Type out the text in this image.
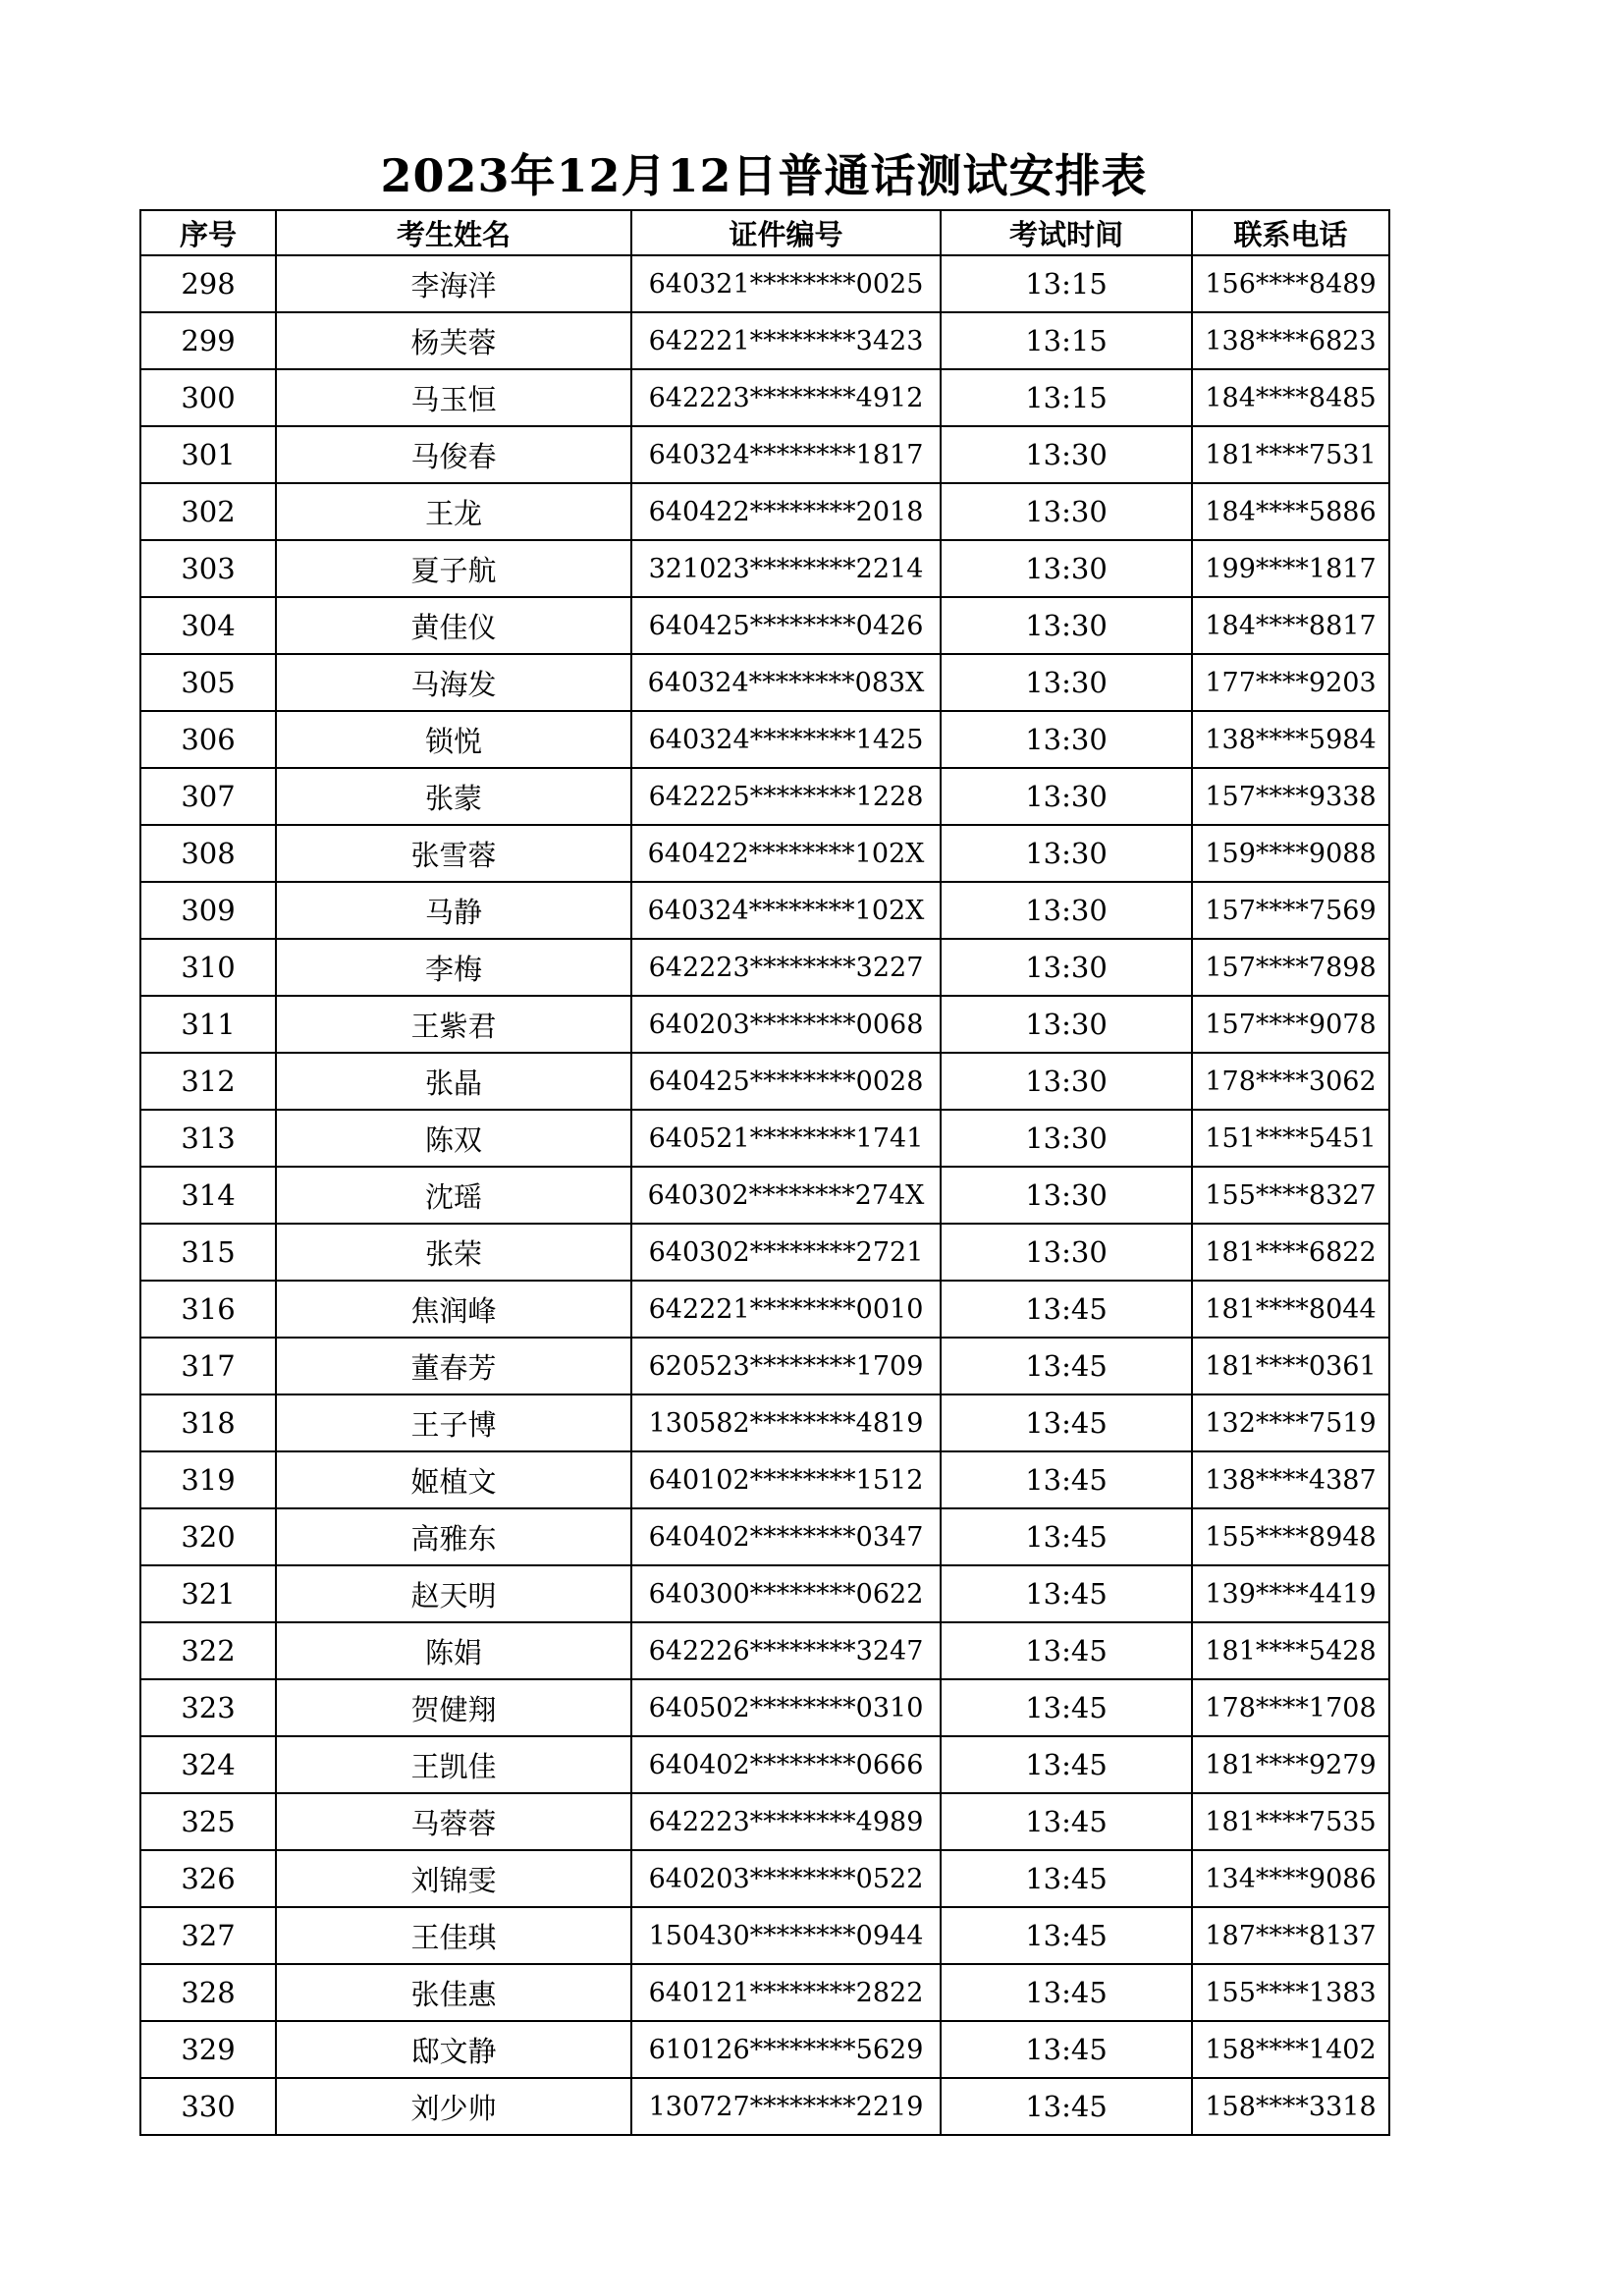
2023年12月12日普通话测试安排表
序号	考生姓名	证件编号	考试时间	联系电话
298	李海洋	640321********0025	13:15	156****8489
299	杨芙蓉	642221********3423	13:15	138****6823
300	马玉恒	642223********4912	13:15	184****8485
301	马俊春	640324********1817	13:30	181****7531
302	王龙	640422********2018	13:30	184****5886
303	夏子航	321023********2214	13:30	199****1817
304	黄佳仪	640425********0426	13:30	184****8817
305	马海发	640324********083X	13:30	177****9203
306	锁悦	640324********1425	13:30	138****5984
307	张蒙	642225********1228	13:30	157****9338
308	张雪蓉	640422********102X	13:30	159****9088
309	马静	640324********102X	13:30	157****7569
310	李梅	642223********3227	13:30	157****7898
311	王紫君	640203********0068	13:30	157****9078
312	张晶	640425********0028	13:30	178****3062
313	陈双	640521********1741	13:30	151****5451
314	沈瑶	640302********274X	13:30	155****8327
315	张荣	640302********2721	13:30	181****6822
316	焦润峰	642221********0010	13:45	181****8044
317	董春芳	620523********1709	13:45	181****0361
318	王子博	130582********4819	13:45	132****7519
319	姬植文	640102********1512	13:45	138****4387
320	高雅东	640402********0347	13:45	155****8948
321	赵天明	640300********0622	13:45	139****4419
322	陈娟	642226********3247	13:45	181****5428
323	贺健翔	640502********0310	13:45	178****1708
324	王凯佳	640402********0666	13:45	181****9279
325	马蓉蓉	642223********4989	13:45	181****7535
326	刘锦雯	640203********0522	13:45	134****9086
327	王佳琪	150430********0944	13:45	187****8137
328	张佳惠	640121********2822	13:45	155****1383
329	邸文静	610126********5629	13:45	158****1402
330	刘少帅	130727********2219	13:45	158****3318
